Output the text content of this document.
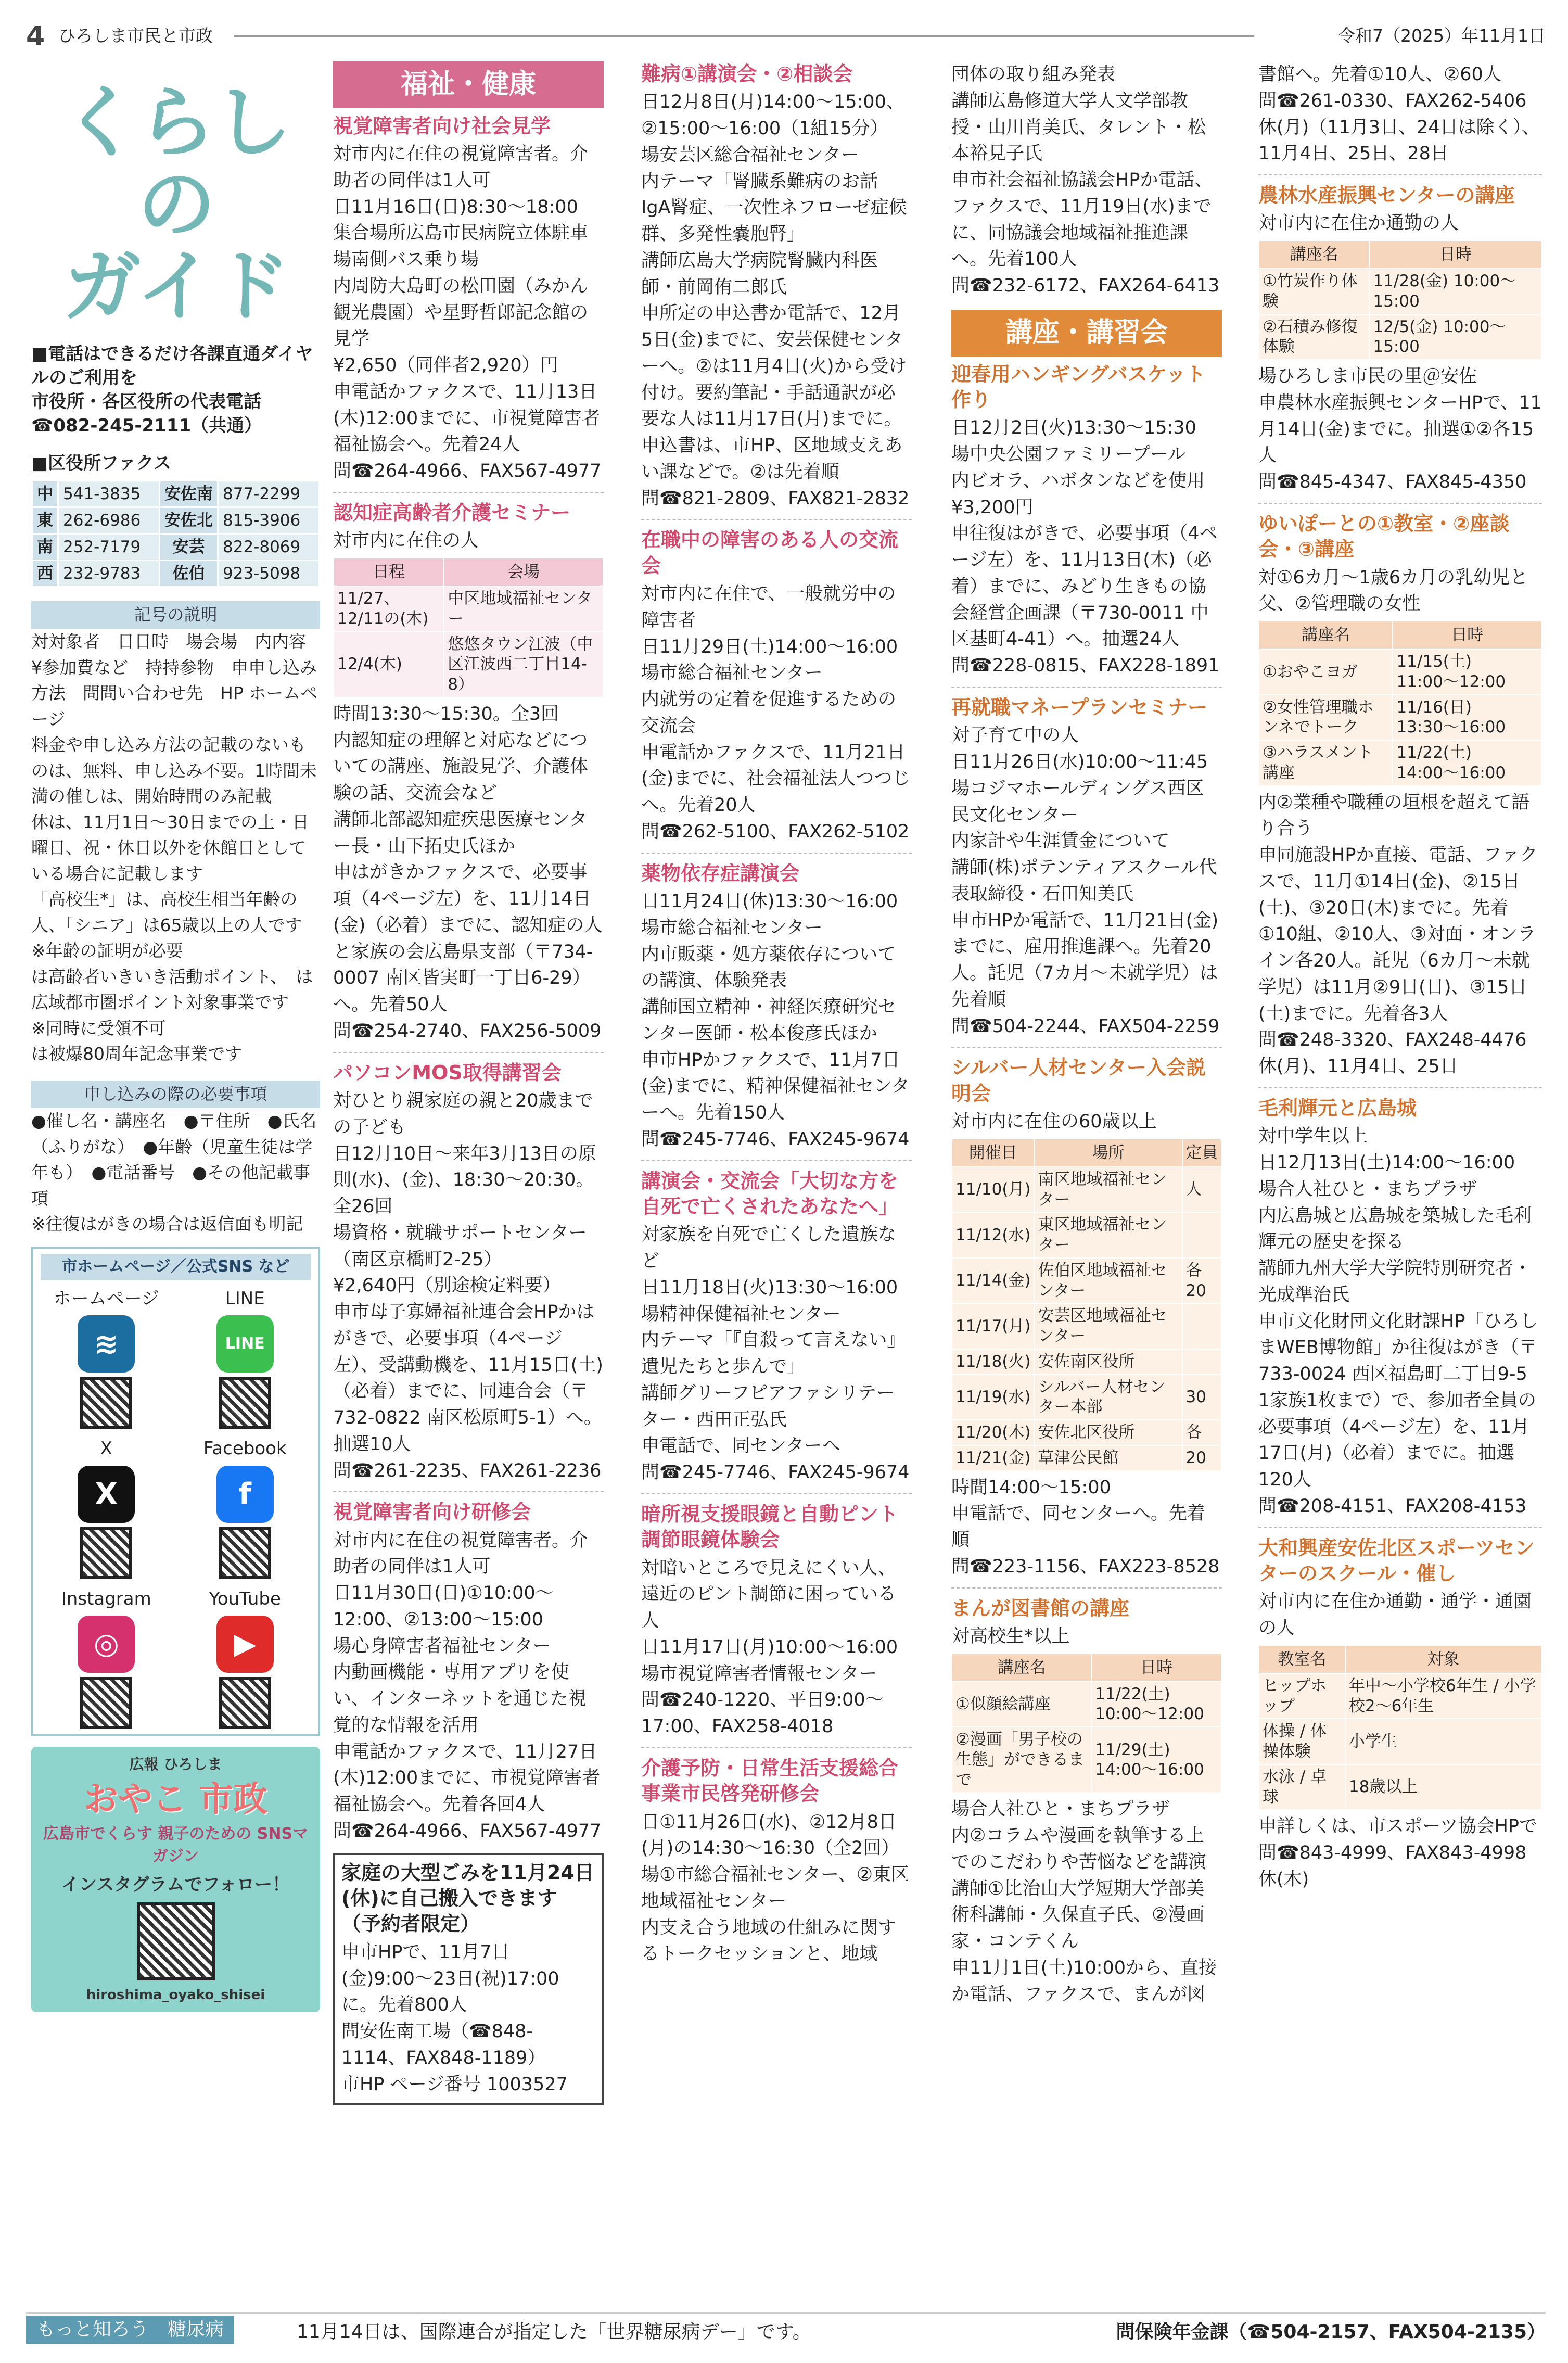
4 ひろしま市民と市政	令和7（2025）年11月1日
くらしの
ガイド
■電話はできるだけ各課直通ダイヤルのご利用を
市役所・各区役所の代表電話
☎082-245-2111（共通）
■区役所ファクス
中	541-3835	安佐南	877-2299
東	262-6986	安佐北	815-3906
南	252-7179	安芸	822-8069
西	232-9783	佐伯	923-5098
記号の説明

対対象者　日日時　場会場　内内容　¥参加費など　持持参物　申申し込み方法　問問い合わせ先　HP ホームページ

料金や申し込み方法の記載のないものは、無料、申し込み不要。1時間未満の催しは、開始時間のみ記載

休は、11月1日〜30日までの土・日曜日、祝・休日以外を休館日としている場合に記載します

「高校生*」は、高校生相当年齢の人、「シニア」は65歳以上の人です　※年齢の証明が必要

は高齢者いきいき活動ポイント、　は広域都市圏ポイント対象事業です　※同時に受領不可

は被爆80周年記念事業です

申し込みの際の必要事項

●催し名・講座名　●〒住所　●氏名（ふりがな）　●年齢（児童生徒は学年も）　●電話番号　●その他記載事項

※往復はがきの場合は返信面も明記

市ホームページ／公式SNS など
ホームページ
≋
LINE
LINE
X
X
Facebook
f
Instagram
◎
YouTube
▶
広報 ひろしま
おやこ 市政
広島市でくらす 親子のための SNSマガジン
インスタグラムでフォロー！
hiroshima_oyako_shisei
福祉・健康
視覚障害者向け社会見学
対市内に在住の視覚障害者。介助者の同伴は1人可
日11月16日(日)8:30〜18:00
集合場所広島市民病院立体駐車場南側バス乗り場
内周防大島町の松田園（みかん観光農園）や星野哲郎記念館の見学
¥2,650（同伴者2,920）円
申電話かファクスで、11月13日(木)12:00までに、市視覚障害者福祉協会へ。先着24人
問☎264-4966、FAX567-4977
認知症高齢者介護セミナー
対市内に在住の人
日程	会場
11/27、12/11の(木)	中区地域福祉センター
12/4(木)	悠悠タウン江波（中区江波西二丁目14-8）
時間13:30〜15:30。全3回
内認知症の理解と対応などについての講座、施設見学、介護体験の話、交流会など
講師北部認知症疾患医療センター長・山下拓史氏ほか
申はがきかファクスで、必要事項（4ページ左）を、11月14日(金)（必着）までに、認知症の人と家族の会広島県支部（〒734-0007 南区皆実町一丁目6-29）へ。先着50人
問☎254-2740、FAX256-5009
パソコンMOS取得講習会
対ひとり親家庭の親と20歳までの子ども
日12月10日〜来年3月13日の原則(水)、(金)、18:30〜20:30。全26回
場資格・就職サポートセンター（南区京橋町2-25）
¥2,640円（別途検定料要）
申市母子寡婦福祉連合会HPかはがきで、必要事項（4ページ左）、受講動機を、11月15日(土)（必着）までに、同連合会（〒732-0822 南区松原町5-1）へ。抽選10人
問☎261-2235、FAX261-2236
視覚障害者向け研修会
対市内に在住の視覚障害者。介助者の同伴は1人可
日11月30日(日)①10:00〜12:00、②13:00〜15:00
場心身障害者福祉センター
内動画機能・専用アプリを使い、インターネットを通じた視覚的な情報を活用
申電話かファクスで、11月27日(木)12:00までに、市視覚障害者福祉協会へ。先着各回4人
問☎264-4966、FAX567-4977
家庭の大型ごみを11月24日(休)に自己搬入できます（予約者限定）
申市HPで、11月7日(金)9:00〜23日(祝)17:00に。先着800人
問安佐南工場（☎848-1114、FAX848-1189）
市HP ページ番号 1003527
難病①講演会・②相談会
日12月8日(月)14:00〜15:00、②15:00〜16:00（1組15分）
場安芸区総合福祉センター
内テーマ「腎臓系難病のお話 IgA腎症、一次性ネフローゼ症候群、多発性嚢胞腎」
講師広島大学病院腎臓内科医師・前岡侑二郎氏
申所定の申込書か電話で、12月5日(金)までに、安芸保健センターへ。②は11月4日(火)から受け付け。要約筆記・手話通訳が必要な人は11月17日(月)までに。申込書は、市HP、区地域支えあい課などで。②は先着順
問☎821-2809、FAX821-2832
在職中の障害のある人の交流会
対市内に在住で、一般就労中の障害者
日11月29日(土)14:00〜16:00
場市総合福祉センター
内就労の定着を促進するための交流会
申電話かファクスで、11月21日(金)までに、社会福祉法人つつじへ。先着20人
問☎262-5100、FAX262-5102
薬物依存症講演会
日11月24日(休)13:30〜16:00
場市総合福祉センター
内市販薬・処方薬依存についての講演、体験発表
講師国立精神・神経医療研究センター医師・松本俊彦氏ほか
申市HPかファクスで、11月7日(金)までに、精神保健福祉センターへ。先着150人
問☎245-7746、FAX245-9674
講演会・交流会「大切な方を自死で亡くされたあなたへ」
対家族を自死で亡くした遺族など
日11月18日(火)13:30〜16:00
場精神保健福祉センター
内テーマ「『自殺って言えない』遺児たちと歩んで」
講師グリーフピアファシリテーター・西田正弘氏
申電話で、同センターへ
問☎245-7746、FAX245-9674
暗所視支援眼鏡と自動ピント調節眼鏡体験会
対暗いところで見えにくい人、遠近のピント調節に困っている人
日11月17日(月)10:00〜16:00
場市視覚障害者情報センター
問☎240-1220、平日9:00〜17:00、FAX258-4018
介護予防・日常生活支援総合事業市民啓発研修会
日①11月26日(水)、②12月8日(月)の14:30〜16:30（全2回）
場①市総合福祉センター、②東区地域福祉センター
内支え合う地域の仕組みに関するトークセッションと、地域
団体の取り組み発表
講師広島修道大学人文学部教授・山川肖美氏、タレント・松本裕見子氏
申市社会福祉協議会HPか電話、ファクスで、11月19日(水)までに、同協議会地域福祉推進課へ。先着100人
問☎232-6172、FAX264-6413
講座・講習会
迎春用ハンギングバスケット作り
日12月2日(火)13:30〜15:30
場中央公園ファミリープール
内ビオラ、ハボタンなどを使用
¥3,200円
申往復はがきで、必要事項（4ページ左）を、11月13日(木)（必着）までに、みどり生きもの協会経営企画課（〒730-0011 中区基町4-41）へ。抽選24人
問☎228-0815、FAX228-1891
再就職マネープランセミナー
対子育て中の人
日11月26日(水)10:00〜11:45
場コジマホールディングス西区民文化センター
内家計や生涯賃金について
講師(株)ポテンティアスクール代表取締役・石田知美氏
申市HPか電話で、11月21日(金)までに、雇用推進課へ。先着20人。託児（7カ月〜未就学児）は先着順
問☎504-2244、FAX504-2259
シルバー人材センター入会説明会
対市内に在住の60歳以上
開催日	場所	定員
11/10(月)	南区地域福祉センター	人
11/12(水)	東区地域福祉センター	
11/14(金)	佐伯区地域福祉センター	各20
11/17(月)	安芸区地域福祉センター	
11/18(火)	安佐南区役所	
11/19(水)	シルバー人材センター本部	30
11/20(木)	安佐北区役所	各
11/21(金)	草津公民館	20
時間14:00〜15:00
申電話で、同センターへ。先着順
問☎223-1156、FAX223-8528
まんが図書館の講座
対高校生*以上
講座名	日時
①似顔絵講座	11/22(土) 10:00〜12:00
②漫画「男子校の生態」ができるまで	11/29(土) 14:00〜16:00
場合人社ひと・まちプラザ
内②コラムや漫画を執筆する上でのこだわりや苦悩などを講演
講師①比治山大学短期大学部美術科講師・久保直子氏、②漫画家・コンテくん
申11月1日(土)10:00から、直接か電話、ファクスで、まんが図
書館へ。先着①10人、②60人
問☎261-0330、FAX262-5406
休(月)（11月3日、24日は除く）、11月4日、25日、28日
農林水産振興センターの講座
対市内に在住か通勤の人
講座名	日時
①竹炭作り体験	11/28(金) 10:00〜15:00
②石積み修復体験	12/5(金) 10:00〜15:00
場ひろしま市民の里＠安佐
申農林水産振興センターHPで、11月14日(金)までに。抽選①②各15人
問☎845-4347、FAX845-4350
ゆいぽーとの①教室・②座談会・③講座
対①6カ月〜1歳6カ月の乳幼児と父、②管理職の女性
講座名	日時
①おやこヨガ	11/15(土) 11:00〜12:00
②女性管理職ホンネでトーク	11/16(日) 13:30〜16:00
③ハラスメント講座	11/22(土) 14:00〜16:00
内②業種や職種の垣根を超えて語り合う
申同施設HPか直接、電話、ファクスで、11月①14日(金)、②15日(土)、③20日(木)までに。先着①10組、②10人、③対面・オンライン各20人。託児（6カ月〜未就学児）は11月②9日(日)、③15日(土)までに。先着各3人
問☎248-3320、FAX248-4476
休(月)、11月4日、25日
毛利輝元と広島城
対中学生以上
日12月13日(土)14:00〜16:00
場合人社ひと・まちプラザ
内広島城と広島城を築城した毛利輝元の歴史を探る
講師九州大学大学院特別研究者・光成準治氏
申市文化財団文化財課HP「ひろしまWEB博物館」か往復はがき（〒733-0024 西区福島町二丁目9-5 1家族1枚まで）で、参加者全員の必要事項（4ページ左）を、11月17日(月)（必着）までに。抽選120人
問☎208-4151、FAX208-4153
大和興産安佐北区スポーツセンターのスクール・催し
対市内に在住か通勤・通学・通園の人
教室名	対象
ヒップホップ	年中〜小学校6年生 / 小学校2〜6年生
体操 / 体操体験	小学生
水泳 / 卓球	18歳以上
申詳しくは、市スポーツ協会HPで
問☎843-4999、FAX843-4998
休(木)
もっと知ろう　糖尿病	11月14日は、国際連合が指定した「世界糖尿病デー」です。	問保険年金課（☎504-2157、FAX504-2135）
